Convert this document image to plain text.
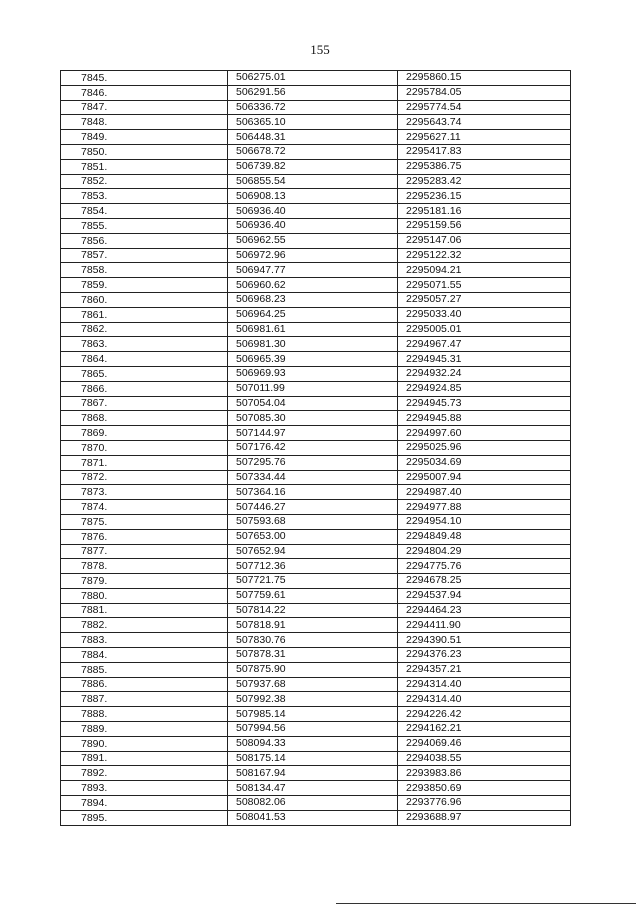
155
7845.	506275.01	2295860.15
7846.	506291.56	2295784.05
7847.	506336.72	2295774.54
7848.	506365.10	2295643.74
7849.	506448.31	2295627.11
7850.	506678.72	2295417.83
7851.	506739.82	2295386.75
7852.	506855.54	2295283.42
7853.	506908.13	2295236.15
7854.	506936.40	2295181.16
7855.	506936.40	2295159.56
7856.	506962.55	2295147.06
7857.	506972.96	2295122.32
7858.	506947.77	2295094.21
7859.	506960.62	2295071.55
7860.	506968.23	2295057.27
7861.	506964.25	2295033.40
7862.	506981.61	2295005.01
7863.	506981.30	2294967.47
7864.	506965.39	2294945.31
7865.	506969.93	2294932.24
7866.	507011.99	2294924.85
7867.	507054.04	2294945.73
7868.	507085.30	2294945.88
7869.	507144.97	2294997.60
7870.	507176.42	2295025.96
7871.	507295.76	2295034.69
7872.	507334.44	2295007.94
7873.	507364.16	2294987.40
7874.	507446.27	2294977.88
7875.	507593.68	2294954.10
7876.	507653.00	2294849.48
7877.	507652.94	2294804.29
7878.	507712.36	2294775.76
7879.	507721.75	2294678.25
7880.	507759.61	2294537.94
7881.	507814.22	2294464.23
7882.	507818.91	2294411.90
7883.	507830.76	2294390.51
7884.	507878.31	2294376.23
7885.	507875.90	2294357.21
7886.	507937.68	2294314.40
7887.	507992.38	2294314.40
7888.	507985.14	2294226.42
7889.	507994.56	2294162.21
7890.	508094.33	2294069.46
7891.	508175.14	2294038.55
7892.	508167.94	2293983.86
7893.	508134.47	2293850.69
7894.	508082.06	2293776.96
7895.	508041.53	2293688.97
